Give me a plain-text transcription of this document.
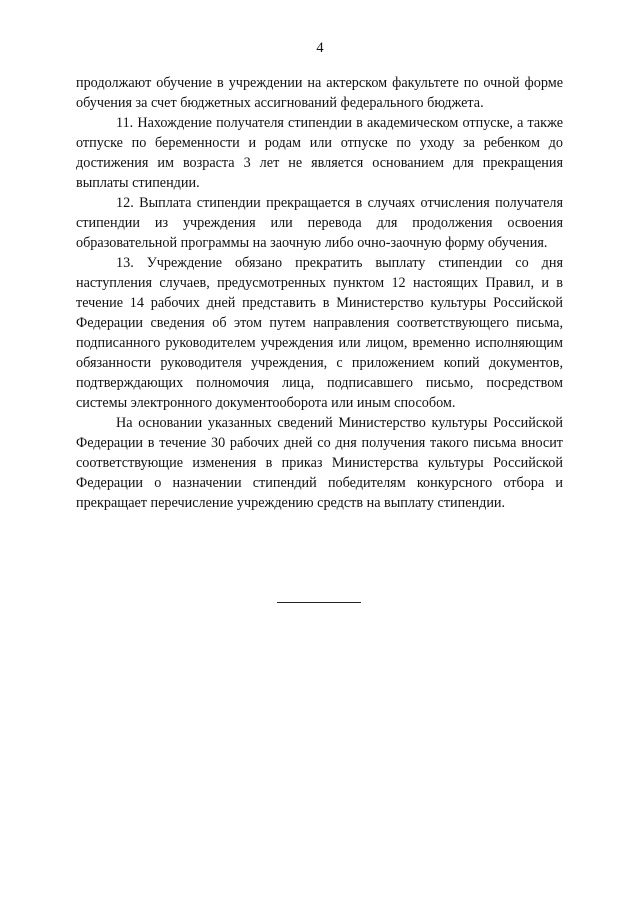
4

продолжают обучение в учреждении на актерском факультете по очной форме обучения за счет бюджетных ассигнований федерального бюджета.

11. Нахождение получателя стипендии в академическом отпуске, а также отпуске по беременности и родам или отпуске по уходу за ребенком до достижения им возраста 3 лет не является основанием для прекращения выплаты стипендии.

12. Выплата стипендии прекращается в случаях отчисления получателя стипендии из учреждения или перевода для продолжения освоения образовательной программы на заочную либо очно-заочную форму обучения.

13. Учреждение обязано прекратить выплату стипендии со дня наступления случаев, предусмотренных пунктом 12 настоящих Правил, и в течение 14 рабочих дней представить в Министерство культуры Российской Федерации сведения об этом путем направления соответствующего письма, подписанного руководителем учреждения или лицом, временно исполняющим обязанности руководителя учреждения, с приложением копий документов, подтверждающих полномочия лица, подписавшего письмо, посредством системы электронного документооборота или иным способом.

На основании указанных сведений Министерство культуры Российской Федерации в течение 30 рабочих дней со дня получения такого письма вносит соответствующие изменения в приказ Министерства культуры Российской Федерации о назначении стипендий победителям конкурсного отбора и прекращает перечисление учреждению средств на выплату стипендии.
